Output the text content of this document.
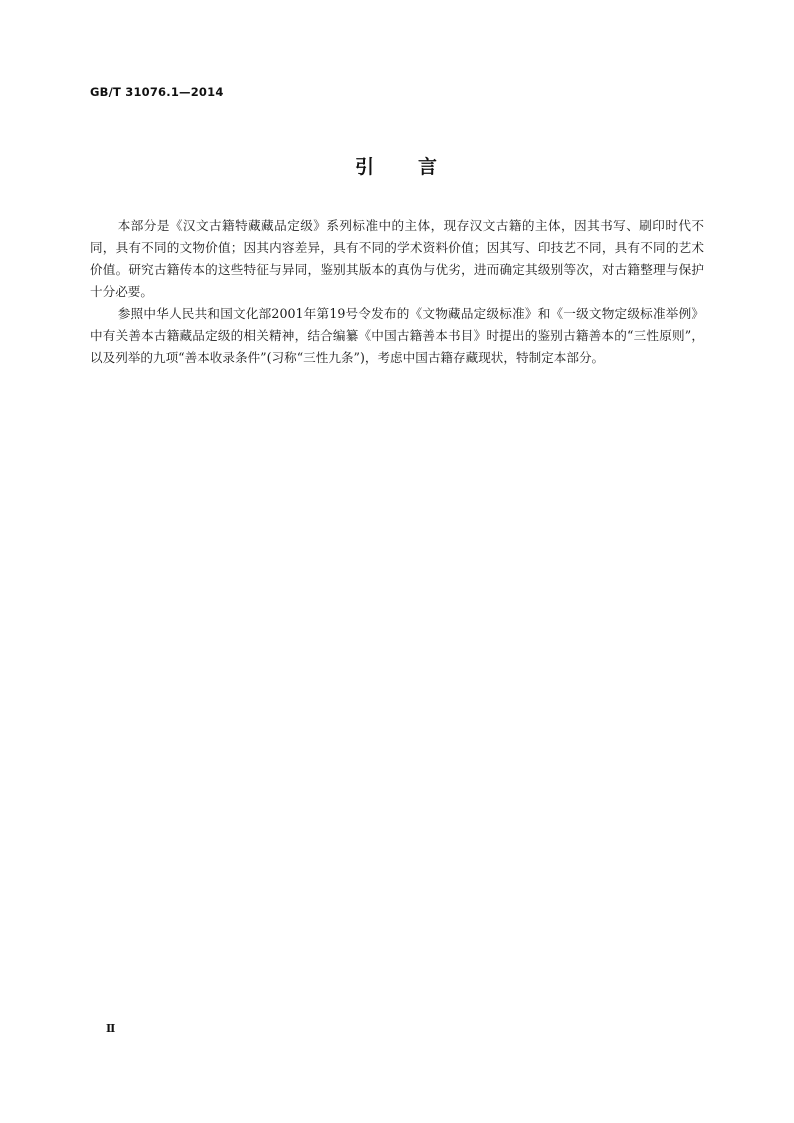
GB/T 31076.1—2014
引 言

本部分是《汉文古籍特藏藏品定级》系列标准中的主体，现存汉文古籍的主体，因其书写、刷印时代不同，具有不同的文物价值；因其内容差异，具有不同的学术资料价值；因其写、印技艺不同，具有不同的艺术价值。研究古籍传本的这些特征与异同，鉴别其版本的真伪与优劣，进而确定其级别等次，对古籍整理与保护十分必要。

参照中华人民共和国文化部2001年第19号令发布的《文物藏品定级标准》和《一级文物定级标准举例》中有关善本古籍藏品定级的相关精神，结合编纂《中国古籍善本书目》时提出的鉴别古籍善本的“三性原则”，以及列举的九项“善本收录条件”(习称“三性九条”)，考虑中国古籍存藏现状，特制定本部分。

Ⅱ
